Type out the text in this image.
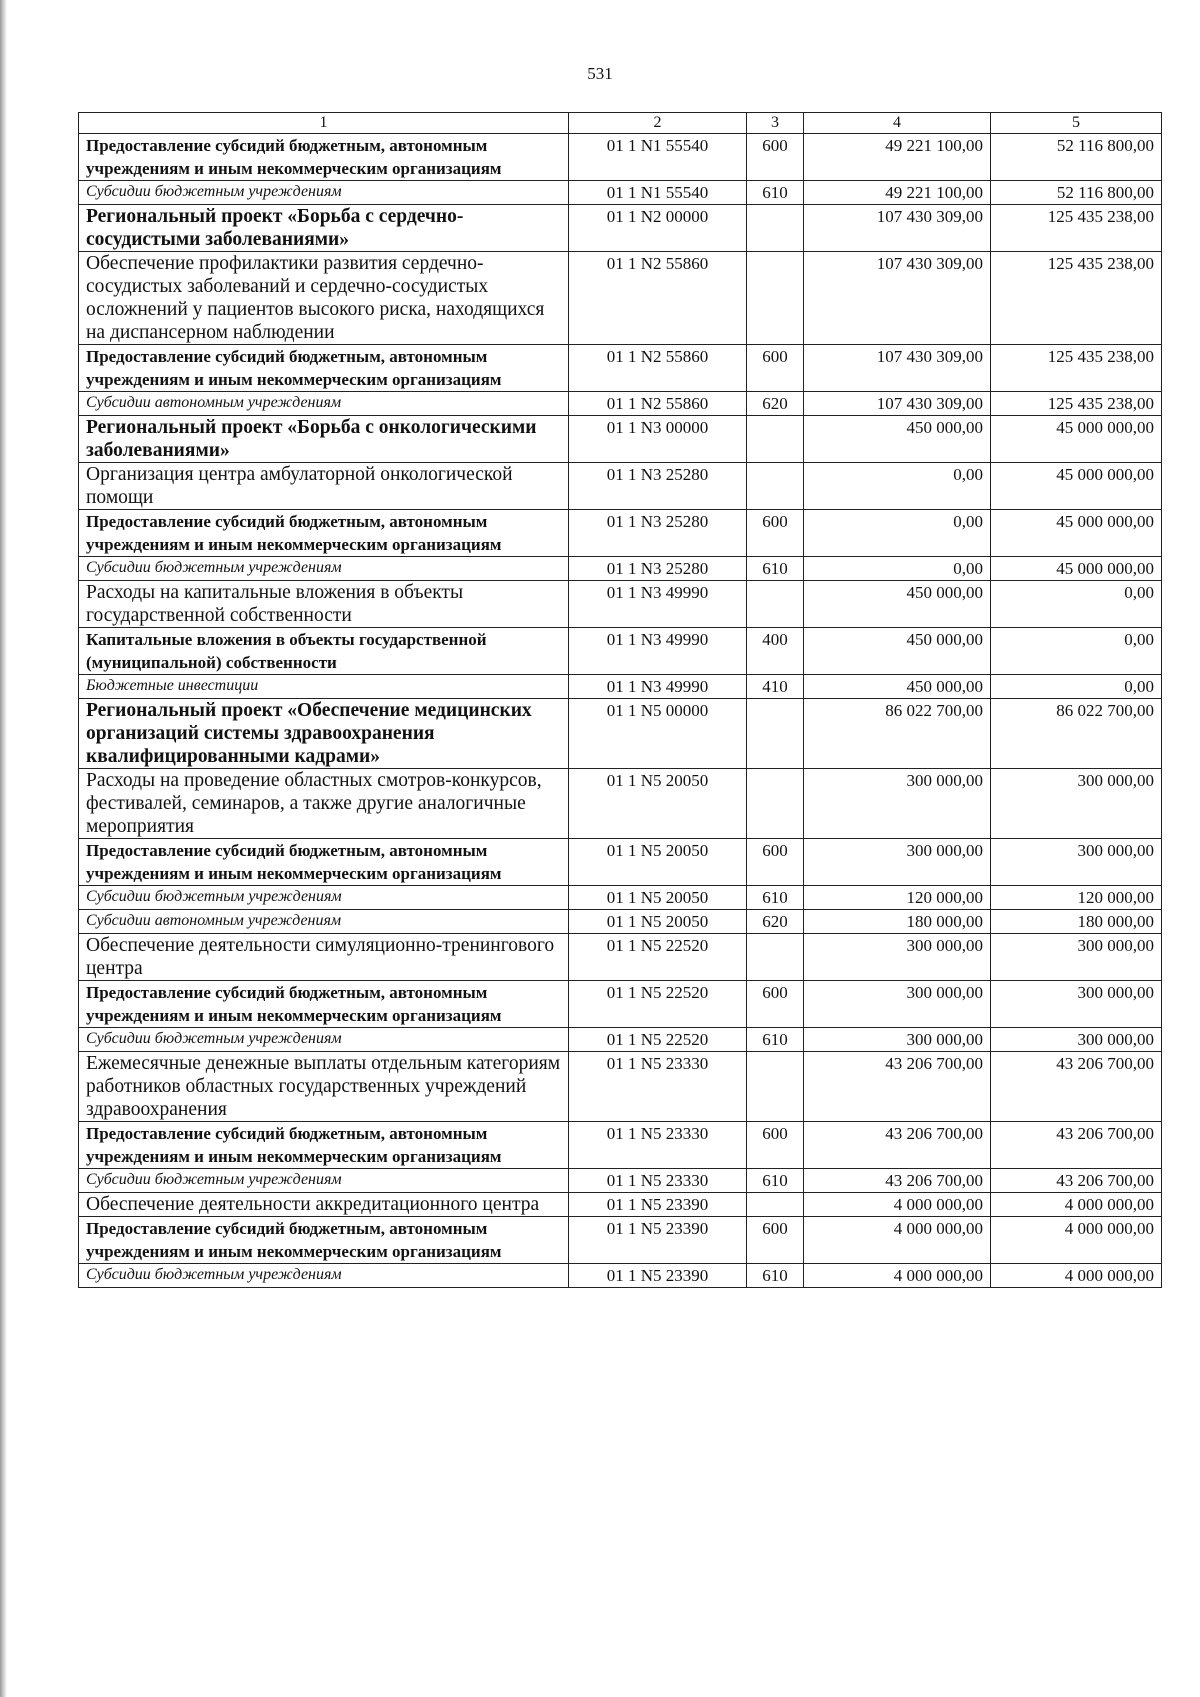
531
1	2	3	4	5
Предоставление субсидий бюджетным, автономным учреждениям и иным некоммерческим организациям	01 1 N1 55540	600	49 221 100,00	52 116 800,00
Субсидии бюджетным учреждениям	01 1 N1 55540	610	49 221 100,00	52 116 800,00
Региональный проект «Борьба с сердечно-сосудистыми заболеваниями»	01 1 N2 00000		107 430 309,00	125 435 238,00
Обеспечение профилактики развития сердечно-сосудистых заболеваний и сердечно-сосудистых осложнений у пациентов высокого риска, находящихся на диспансерном наблюдении	01 1 N2 55860		107 430 309,00	125 435 238,00
Предоставление субсидий бюджетным, автономным учреждениям и иным некоммерческим организациям	01 1 N2 55860	600	107 430 309,00	125 435 238,00
Субсидии автономным учреждениям	01 1 N2 55860	620	107 430 309,00	125 435 238,00
Региональный проект «Борьба с онкологическими заболеваниями»	01 1 N3 00000		450 000,00	45 000 000,00
Организация центра амбулаторной онкологической помощи	01 1 N3 25280		0,00	45 000 000,00
Предоставление субсидий бюджетным, автономным учреждениям и иным некоммерческим организациям	01 1 N3 25280	600	0,00	45 000 000,00
Субсидии бюджетным учреждениям	01 1 N3 25280	610	0,00	45 000 000,00
Расходы на капитальные вложения в объекты государственной собственности	01 1 N3 49990		450 000,00	0,00
Капитальные вложения в объекты государственной (муниципальной) собственности	01 1 N3 49990	400	450 000,00	0,00
Бюджетные инвестиции	01 1 N3 49990	410	450 000,00	0,00
Региональный проект «Обеспечение медицинских организаций системы здравоохранения квалифицированными кадрами»	01 1 N5 00000		86 022 700,00	86 022 700,00
Расходы на проведение областных смотров-конкурсов, фестивалей, семинаров, а также другие аналогичные мероприятия	01 1 N5 20050		300 000,00	300 000,00
Предоставление субсидий бюджетным, автономным учреждениям и иным некоммерческим организациям	01 1 N5 20050	600	300 000,00	300 000,00
Субсидии бюджетным учреждениям	01 1 N5 20050	610	120 000,00	120 000,00
Субсидии автономным учреждениям	01 1 N5 20050	620	180 000,00	180 000,00
Обеспечение деятельности симуляционно-тренингового центра	01 1 N5 22520		300 000,00	300 000,00
Предоставление субсидий бюджетным, автономным учреждениям и иным некоммерческим организациям	01 1 N5 22520	600	300 000,00	300 000,00
Субсидии бюджетным учреждениям	01 1 N5 22520	610	300 000,00	300 000,00
Ежемесячные денежные выплаты отдельным категориям работников областных государственных учреждений здравоохранения	01 1 N5 23330		43 206 700,00	43 206 700,00
Предоставление субсидий бюджетным, автономным учреждениям и иным некоммерческим организациям	01 1 N5 23330	600	43 206 700,00	43 206 700,00
Субсидии бюджетным учреждениям	01 1 N5 23330	610	43 206 700,00	43 206 700,00
Обеспечение деятельности аккредитационного центра	01 1 N5 23390		4 000 000,00	4 000 000,00
Предоставление субсидий бюджетным, автономным учреждениям и иным некоммерческим организациям	01 1 N5 23390	600	4 000 000,00	4 000 000,00
Субсидии бюджетным учреждениям	01 1 N5 23390	610	4 000 000,00	4 000 000,00
